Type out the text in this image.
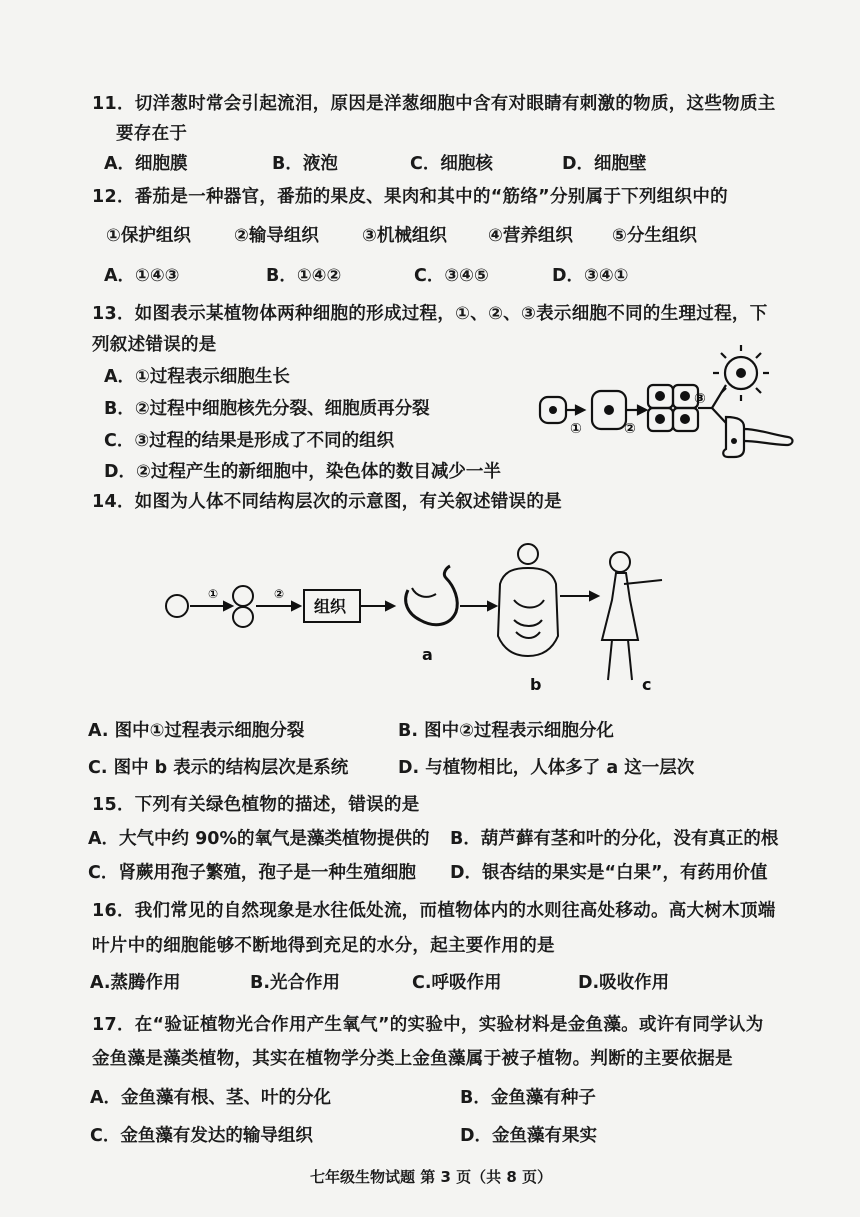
11．切洋葱时常会引起流泪，原因是洋葱细胞中含有对眼睛有刺激的物质，这些物质主
要存在于
A．细胞膜	B．液泡	C．细胞核	D．细胞壁
12．番茄是一种器官，番茄的果皮、果肉和其中的“筋络”分别属于下列组织中的
①保护组织 ②输导组织 ③机械组织 ④营养组织 ⑤分生组织
A．①④③	B．①④②	C．③④⑤	D．③④①
13．如图表示某植物体两种细胞的形成过程，①、②、③表示细胞不同的生理过程，下
列叙述错误的是
A．①过程表示细胞生长
B．②过程中细胞核先分裂、细胞质再分裂
C．③过程的结果是形成了不同的组织
D．②过程产生的新细胞中，染色体的数目减少一半
①	②
③
14．如图为人体不同结构层次的示意图，有关叙述错误的是
①	②
组织
a
b	c
A. 图中①过程表示细胞分裂	B. 图中②过程表示细胞分化
C. 图中 b 表示的结构层次是系统	D. 与植物相比，人体多了 a 这一层次
15．下列有关绿色植物的描述，错误的是
A．大气中约 90%的氧气是藻类植物提供的 B．葫芦藓有茎和叶的分化，没有真正的根
C．肾蕨用孢子繁殖，孢子是一种生殖细胞 D．银杏结的果实是“白果”，有药用价值
16．我们常见的自然现象是水往低处流，而植物体内的水则往高处移动。高大树木顶端
叶片中的细胞能够不断地得到充足的水分，起主要作用的是
A.蒸腾作用	B.光合作用	C.呼吸作用	D.吸收作用
17．在“验证植物光合作用产生氧气”的实验中，实验材料是金鱼藻。或许有同学认为
金鱼藻是藻类植物，其实在植物学分类上金鱼藻属于被子植物。判断的主要依据是
A．金鱼藻有根、茎、叶的分化	B．金鱼藻有种子
C．金鱼藻有发达的输导组织	D．金鱼藻有果实
七年级生物试题 第 3 页（共 8 页）
